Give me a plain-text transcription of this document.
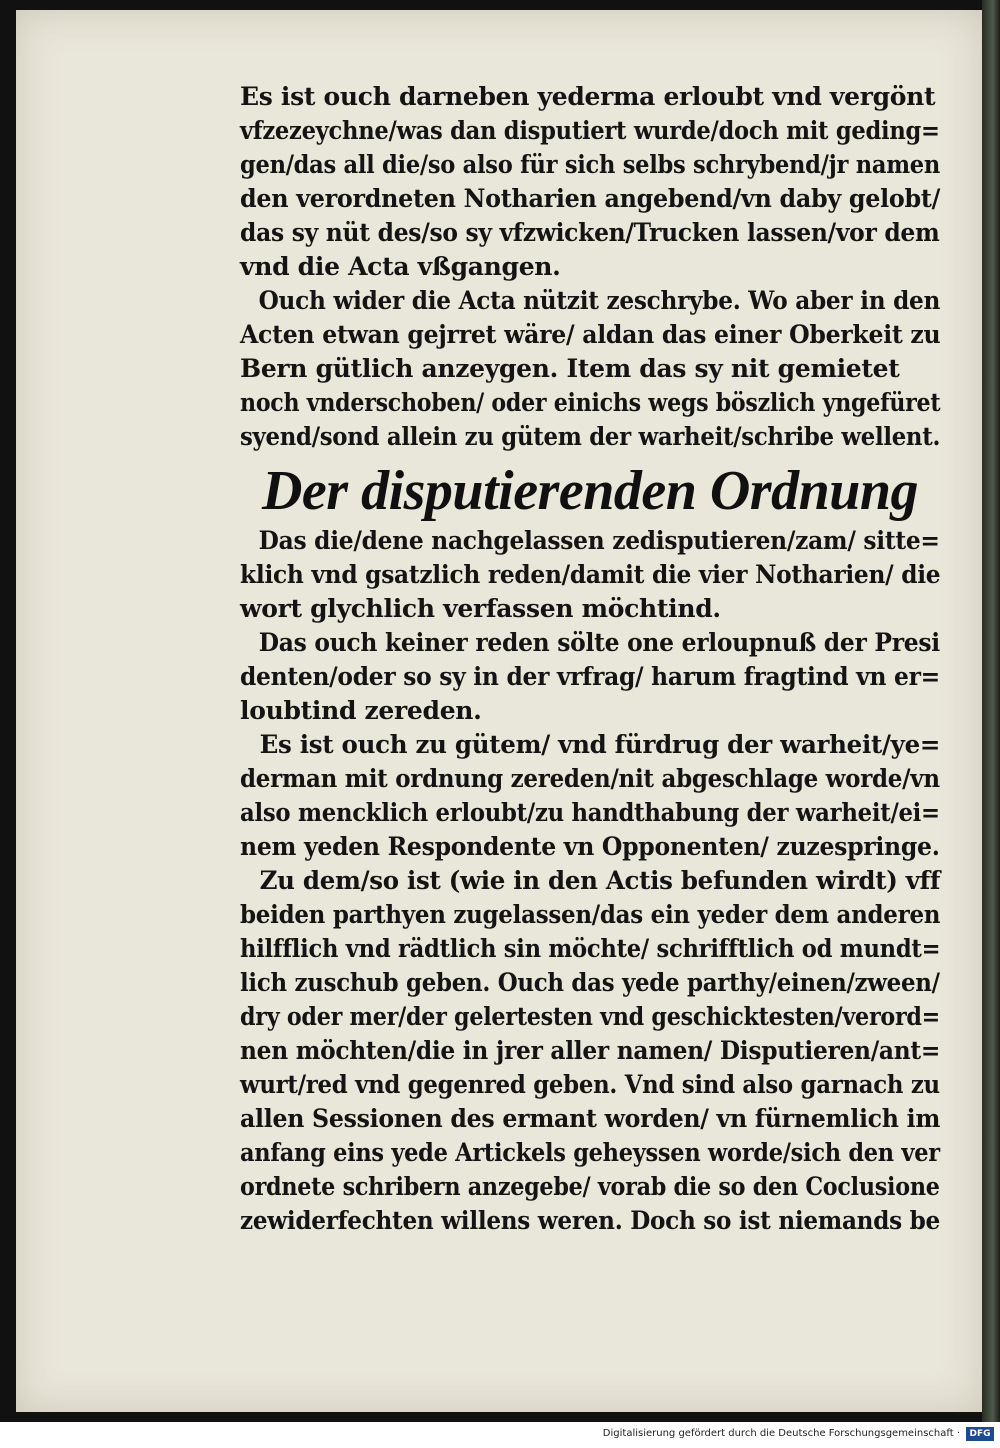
Es ist ouch darneben yederma erloubt vnd vergönt
vfzezeychne/was dan disputiert wurde/doch mit geding=
gen/das all die/so also für sich selbs schrybend/jr namen
den verordneten Notharien angebend/vn daby gelobt/
das sy nüt des/so sy vfzwicken/Trucken lassen/vor dem
vnd die Acta vßgangen.
Ouch wider die Acta nützit zeschrybe. Wo aber in den
Acten etwan gejrret wäre/ aldan das einer Oberkeit zu
Bern gütlich anzeygen. Item das sy nit gemietet
noch vnderschoben/ oder einichs wegs böszlich yngefüret
syend/sond allein zu gütem der warheit/schribe wellent.
Der disputierenden Ordnung
Das die/dene nachgelassen zedisputieren/zam/ sitte=
klich vnd gsatzlich reden/damit die vier Notharien/ die
wort glychlich verfassen möchtind.
Das ouch keiner reden sölte one erloupnuß der Presi
denten/oder so sy in der vrfrag/ harum fragtind vn er=
loubtind zereden.
Es ist ouch zu gütem/ vnd fürdrug der warheit/ye=
derman mit ordnung zereden/nit abgeschlage worde/vn
also mencklich erloubt/zu handthabung der warheit/ei=
nem yeden Respondente vn Opponenten/ zuzespringe.
Zu dem/so ist (wie in den Actis befunden wirdt) vff
beiden parthyen zugelassen/das ein yeder dem anderen
hilfflich vnd rädtlich sin möchte/ schrifftlich od mundt=
lich zuschub geben. Ouch das yede parthy/einen/zween/
dry oder mer/der gelertesten vnd geschicktesten/verord=
nen möchten/die in jrer aller namen/ Disputieren/ant=
wurt/red vnd gegenred geben. Vnd sind also garnach zu
allen Sessionen des ermant worden/ vn fürnemlich im
anfang eins yede Artickels geheyssen worde/sich den ver
ordnete schribern anzegebe/ vorab die so den Coclusione
zewiderfechten willens weren. Doch so ist niemands be
Digitalisierung gefördert durch die Deutsche Forschungsgemeinschaft ·	DFG
